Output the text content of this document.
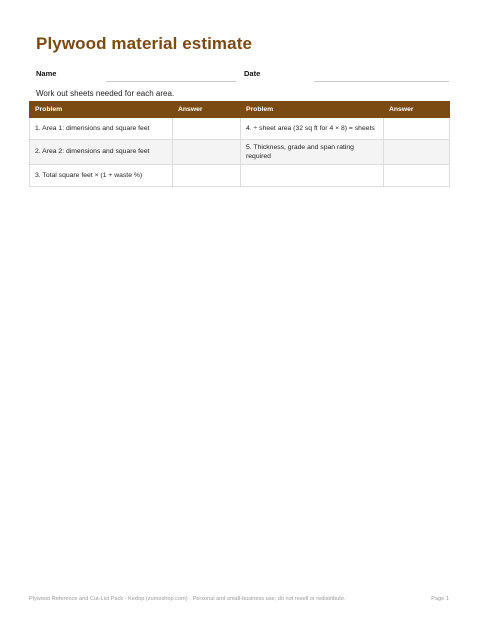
Plywood material estimate
Name	Date
Work out sheets needed for each area.
Problem	Answer	Problem	Answer
1. Area 1: dimensions and square feet		4. ÷ sheet area (32 sq ft for 4 × 8) = sheets	
2. Area 2: dimensions and square feet		5. Thickness, grade and span rating required	
3. Total square feet × (1 + waste %)			
Plywood Reference and Cut-List Pack · Kedop (zumoshop.com) · Personal and small-business use; do not resell or redistribute.	Page 1
